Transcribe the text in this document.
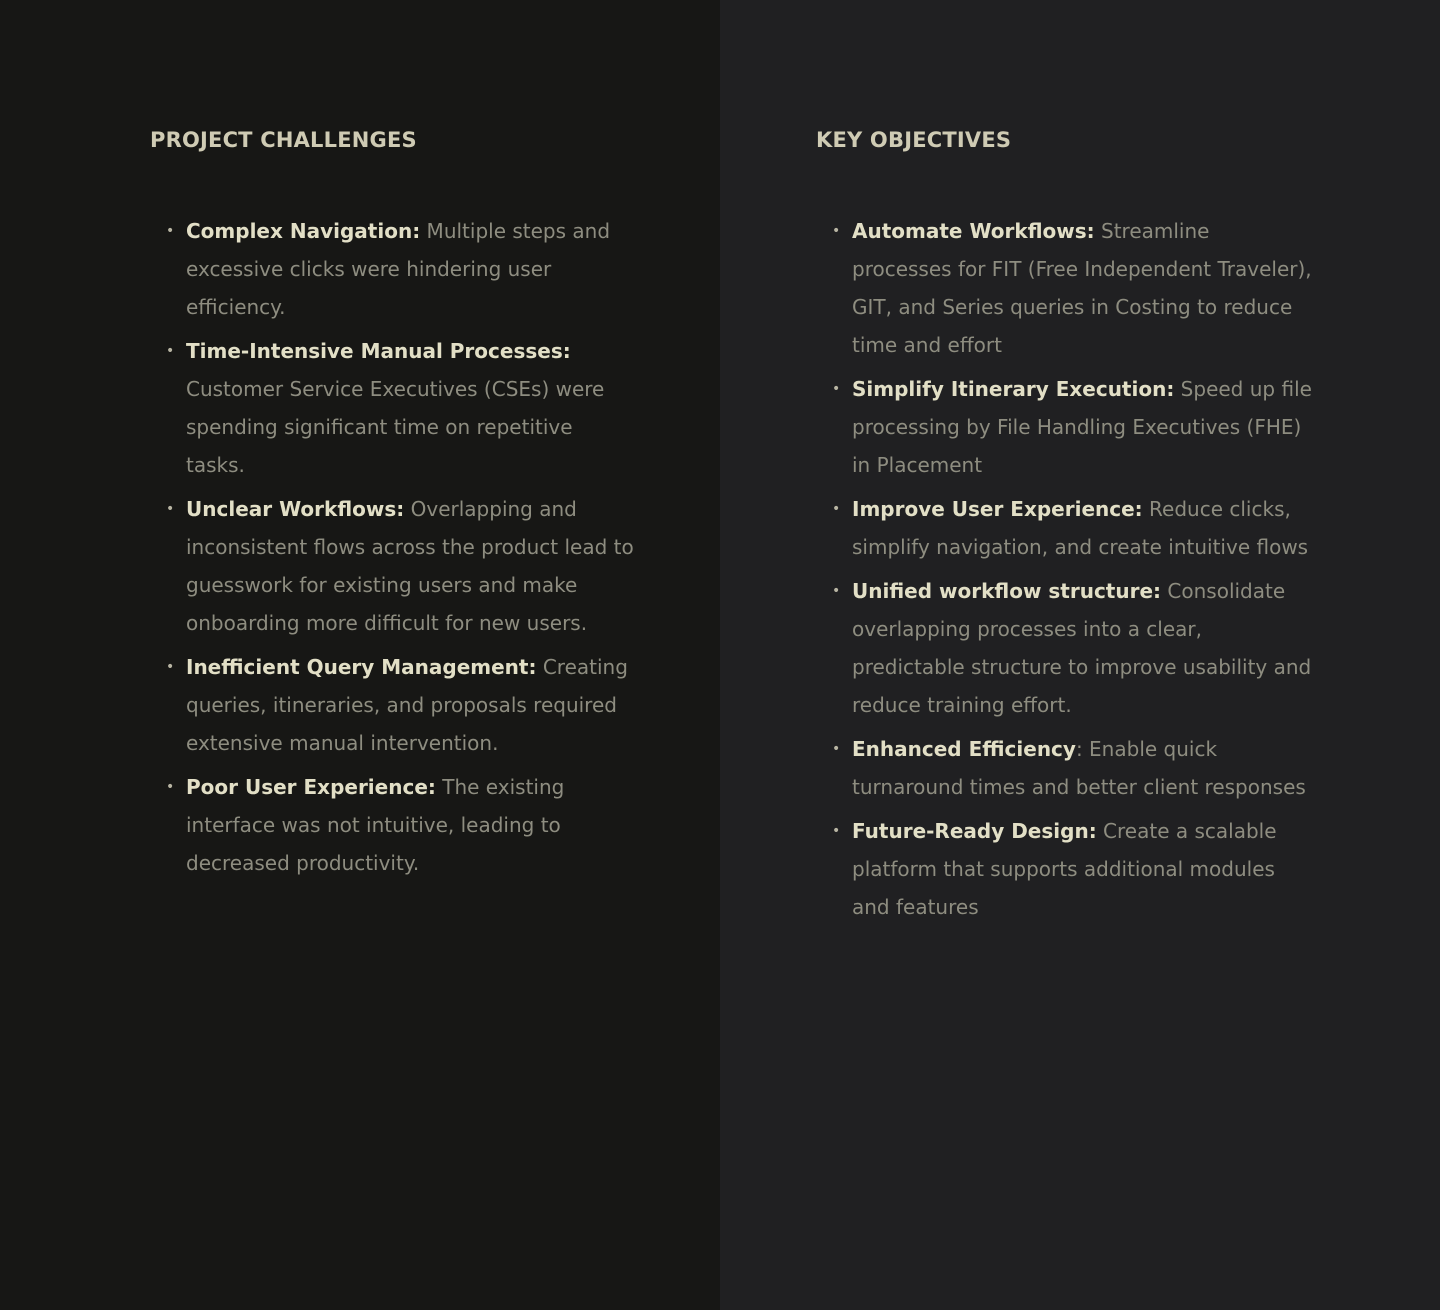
PROJECT CHALLENGES
• Complex Navigation: Multiple steps and excessive clicks were hindering user efficiency.
• Time-Intensive Manual Processes: Customer Service Executives (CSEs) were spending significant time on repetitive tasks.
• Unclear Workflows: Overlapping and inconsistent flows across the product lead to guesswork for existing users and make onboarding more difficult for new users.
• Inefficient Query Management: Creating queries, itineraries, and proposals required extensive manual intervention.
• Poor User Experience: The existing interface was not intuitive, leading to decreased productivity.
KEY OBJECTIVES
• Automate Workflows: Streamline processes for FIT (Free Independent Traveler), GIT, and Series queries in Costing to reduce time and effort
• Simplify Itinerary Execution: Speed up file processing by File Handling Executives (FHE) in Placement
• Improve User Experience: Reduce clicks, simplify navigation, and create intuitive flows
• Unified workflow structure: Consolidate overlapping processes into a clear, predictable structure to improve usability and reduce training effort.
• Enhanced Efficiency: Enable quick turnaround times and better client responses
• Future-Ready Design: Create a scalable platform that supports additional modules and features
